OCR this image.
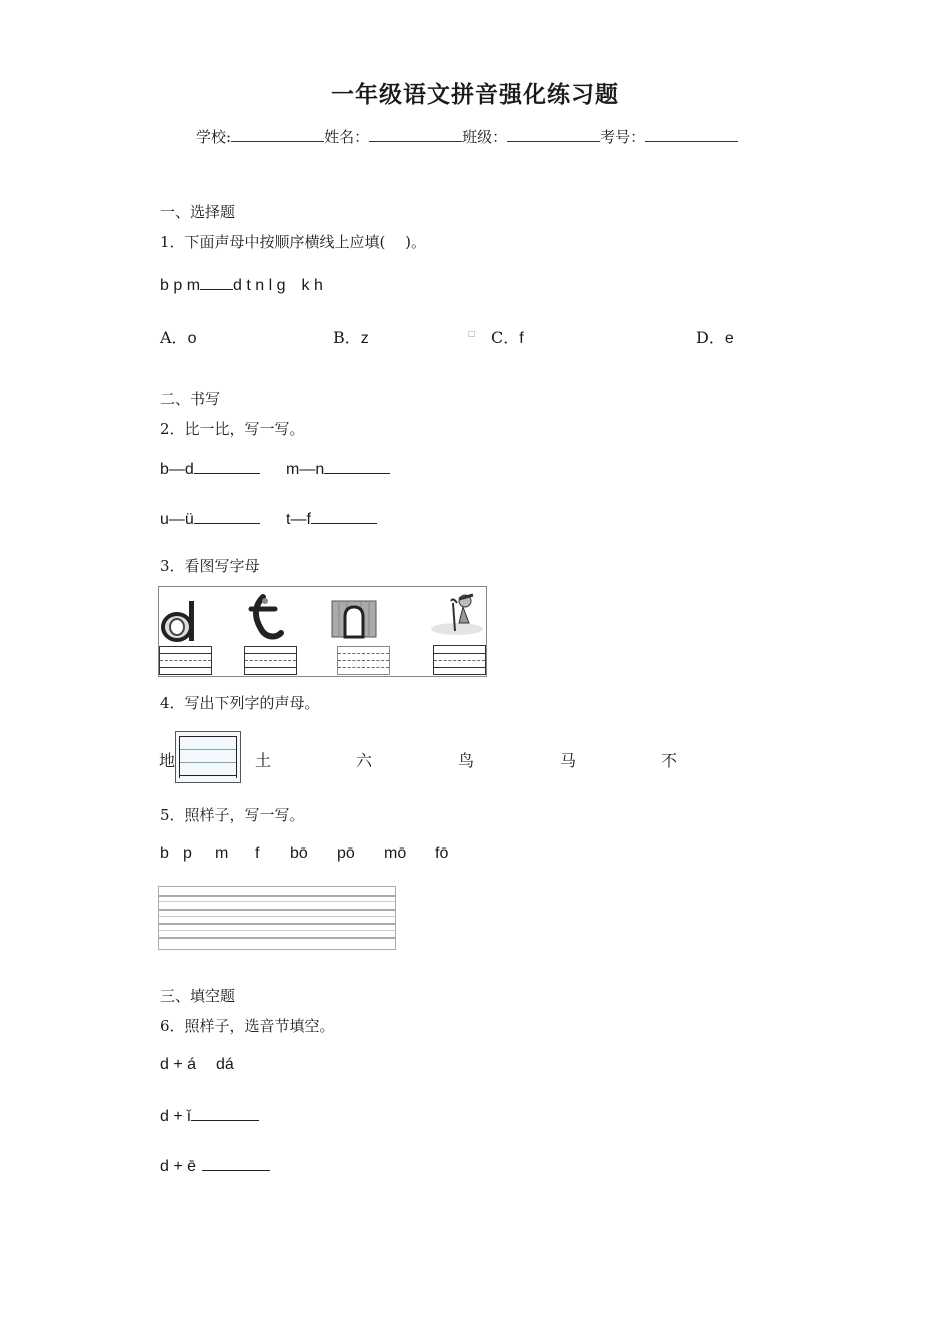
一年级语文拼音强化练习题
学校:	姓名：	班级：	考号：
一、选择题
1．下面声母中按顺序横线上应填(　 )。
b p m d t n l g　k h
A．o	B．z	□ C．f	D．e
二、书写
2．比一比，写一写。
b—d	m—n
u—ü	t—f
3．看图写字母
4．写出下列字的声母。
地	土	六	鸟	马	不
5．照样子，写一写。
b p m f bō pō mō fō
三、填空题
6．照样子，选音节填空。
d + á dá
d + ǐ
d + ē
